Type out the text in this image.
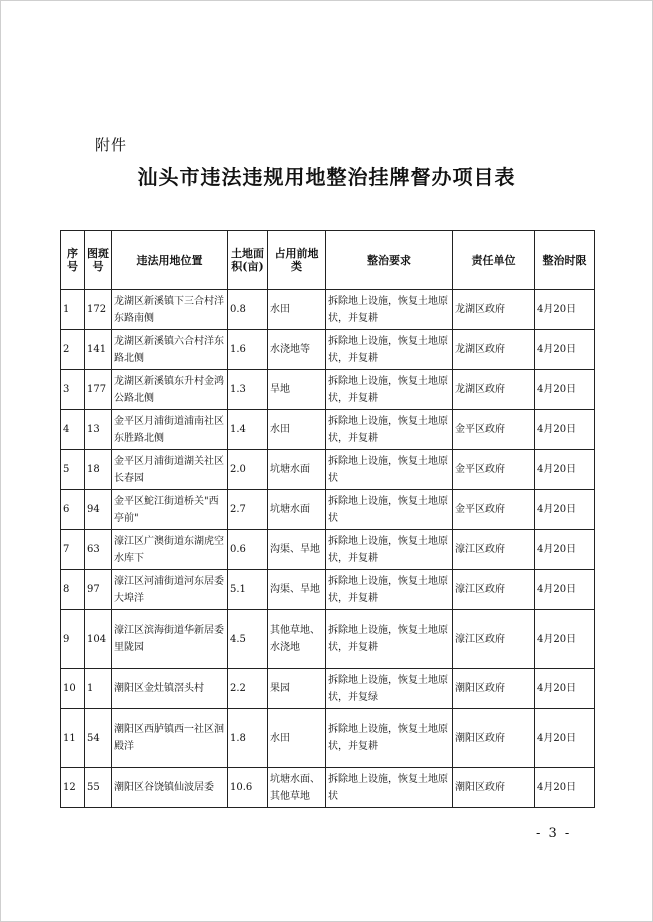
附件
汕头市违法违规用地整治挂牌督办项目表
序号	图斑号	违法用地位置	土地面积(亩)	占用前地类	整治要求	责任单位	整治时限
1	172	龙湖区新溪镇下三合村洋东路南侧	0.8	水田	拆除地上设施，恢复土地原状，并复耕	龙湖区政府	4月20日
2	141	龙湖区新溪镇六合村洋东路北侧	1.6	水浇地等	拆除地上设施，恢复土地原状，并复耕	龙湖区政府	4月20日
3	177	龙湖区新溪镇东升村金鸿公路北侧	1.3	旱地	拆除地上设施，恢复土地原状，并复耕	龙湖区政府	4月20日
4	13	金平区月浦街道浦南社区东胜路北侧	1.4	水田	拆除地上设施，恢复土地原状，并复耕	金平区政府	4月20日
5	18	金平区月浦街道湖关社区长春园	2.0	坑塘水面	拆除地上设施，恢复土地原状	金平区政府	4月20日
6	94	金平区鮀江街道桥关"西亭前"	2.7	坑塘水面	拆除地上设施，恢复土地原状	金平区政府	4月20日
7	63	濠江区广澳街道东湖虎空水库下	0.6	沟渠、旱地	拆除地上设施，恢复土地原状，并复耕	濠江区政府	4月20日
8	97	濠江区河浦街道河东居委大埠洋	5.1	沟渠、旱地	拆除地上设施，恢复土地原状，并复耕	濠江区政府	4月20日
9	104	濠江区滨海街道华新居委里陇园	4.5	其他草地、水浇地	拆除地上设施，恢复土地原状，并复耕	濠江区政府	4月20日
10	1	潮阳区金灶镇滘头村	2.2	果园	拆除地上设施，恢复土地原状，并复绿	潮阳区政府	4月20日
11	54	潮阳区西胪镇西一社区洄殿洋	1.8	水田	拆除地上设施，恢复土地原状，并复耕	潮阳区政府	4月20日
12	55	潮阳区谷饶镇仙波居委	10.6	坑塘水面、其他草地	拆除地上设施，恢复土地原状	潮阳区政府	4月20日
- 3 -
